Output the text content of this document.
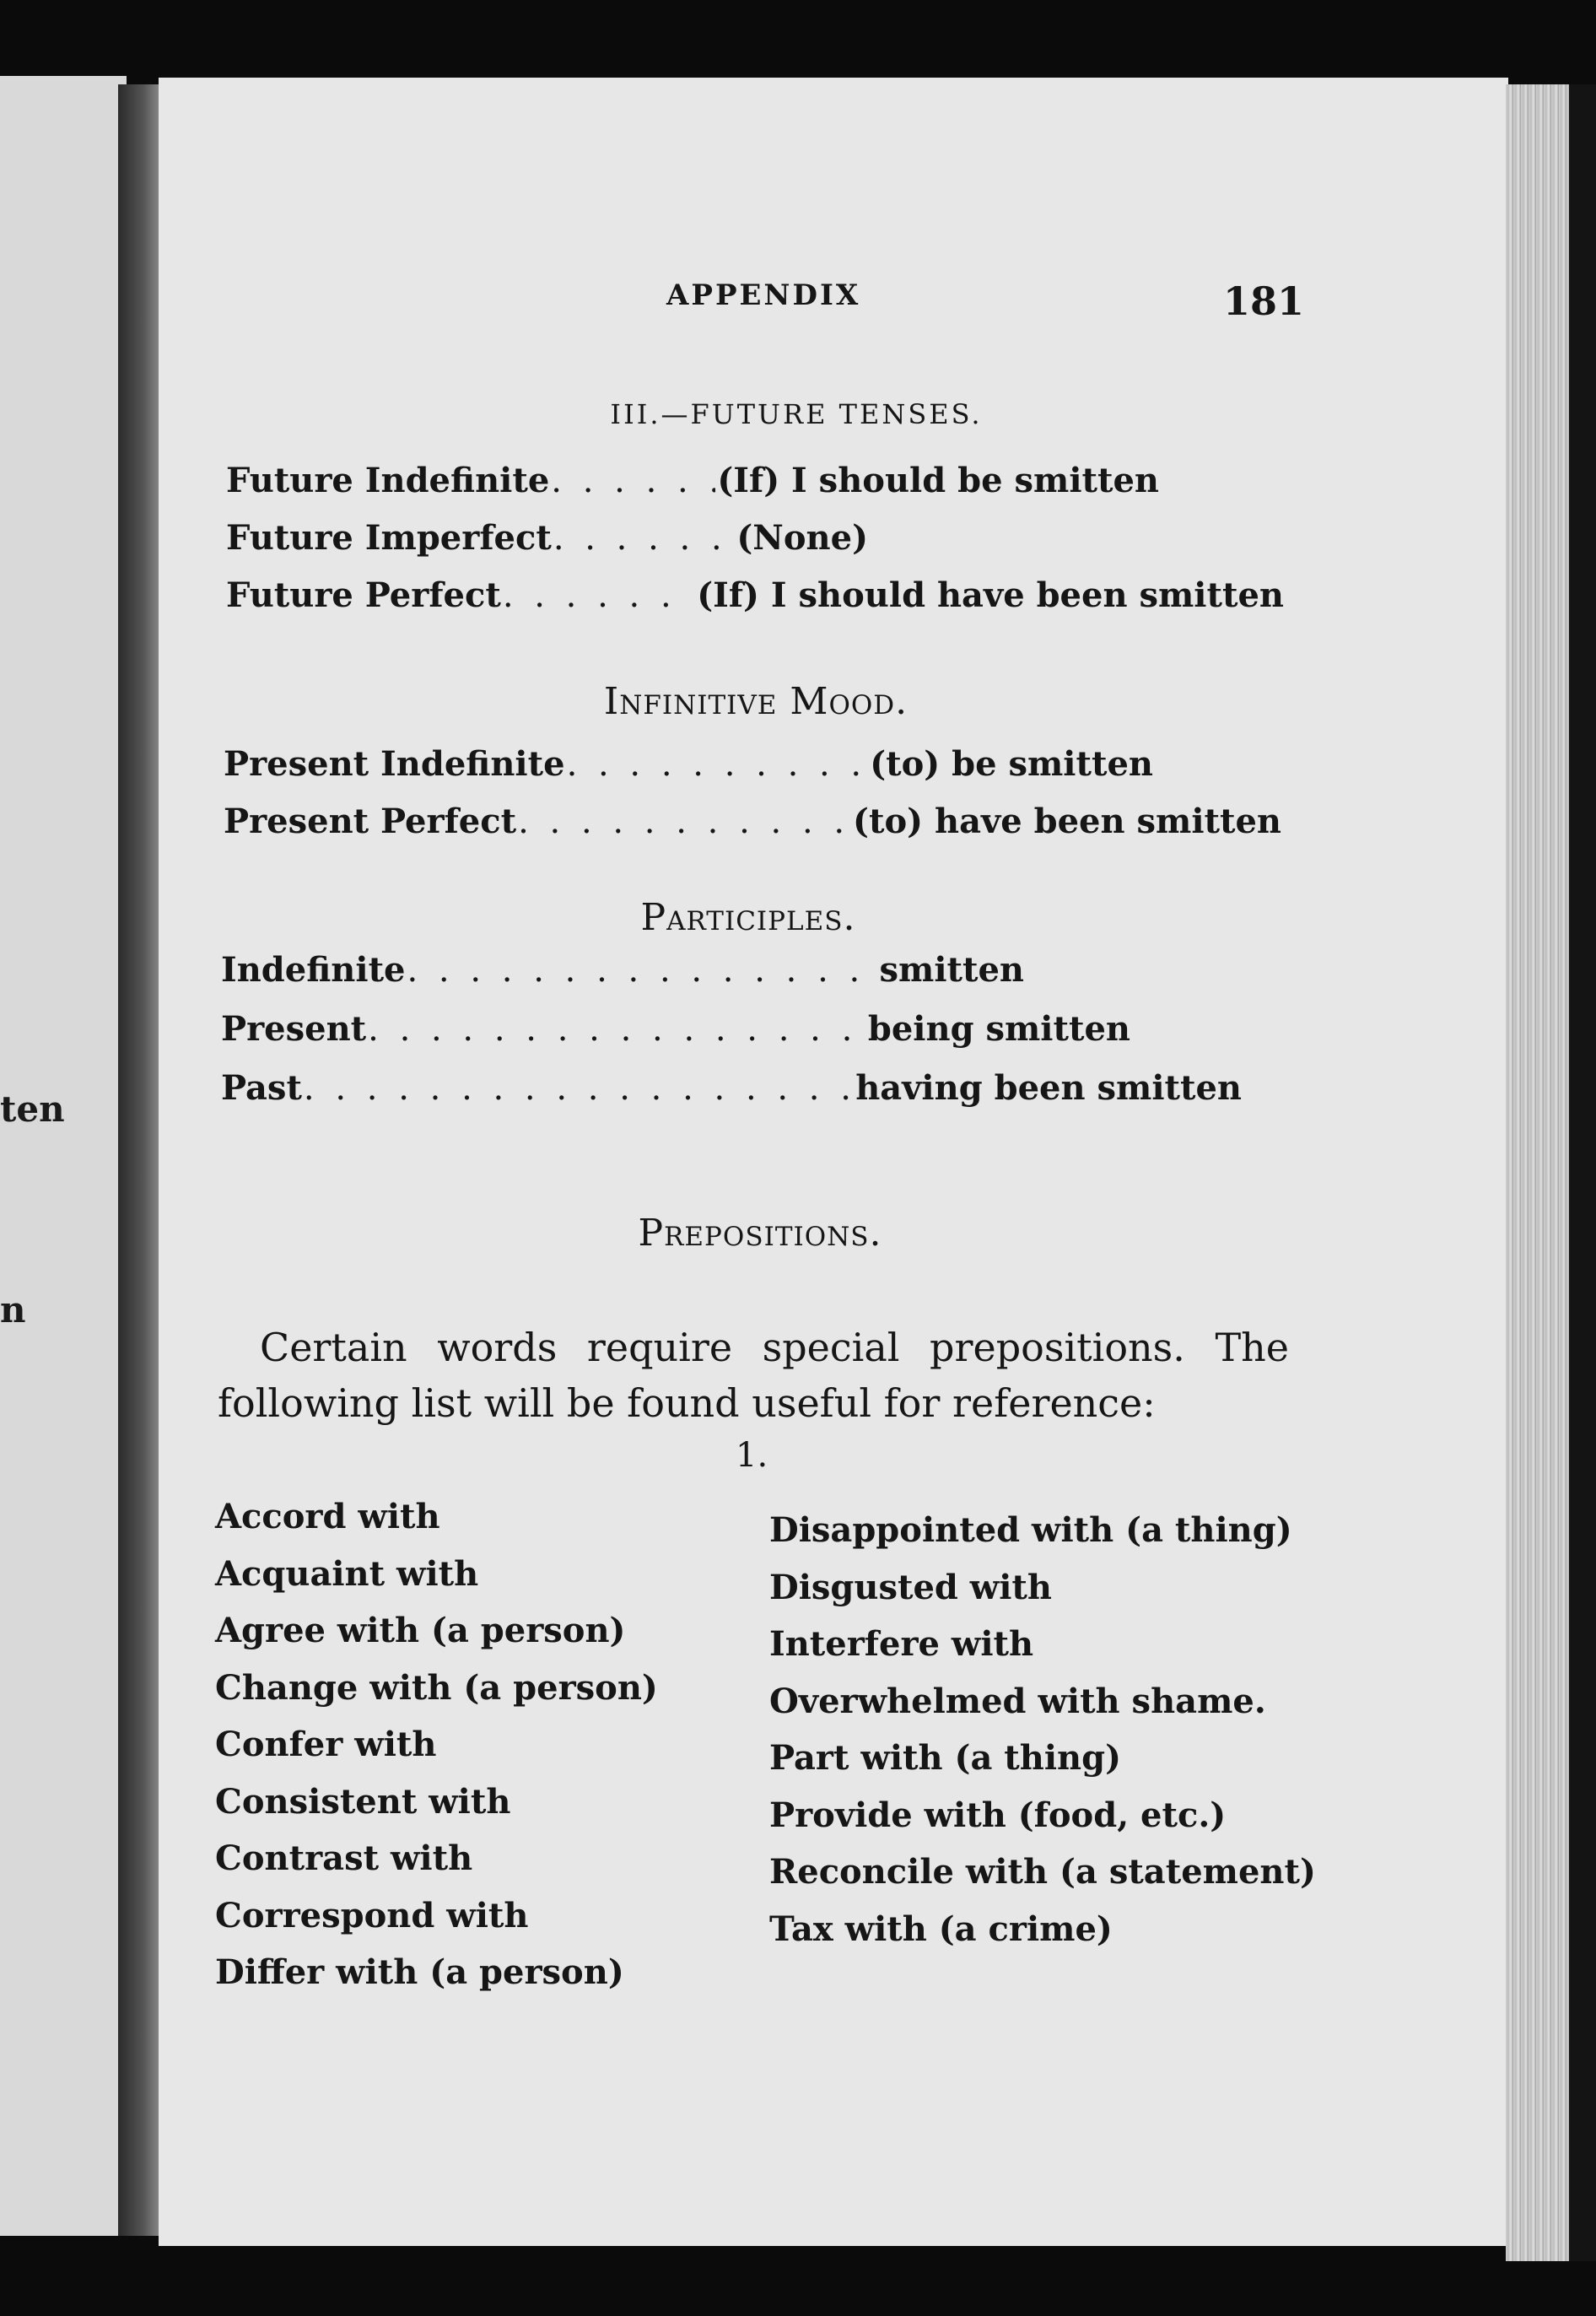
ten
n
APPENDIX	181
III.—FUTURE TENSES.
Future Indefinite . . .	(If) I should be smitten
Future Imperfect . . .	(None)
Future Perfect . . .	(If) I should have been smitten
Infinitive Mood.
Present Indefinite . . .	(to) be smitten
Present Perfect . . .	(to) have been smitten
Participles.
Indefinite . . .	smitten
Present . . .	being smitten
Past . . .	having been smitten
Prepositions.

Certain words require special prepositions. The following list will be found useful for reference:

1.
Accord with
Acquaint with
Agree with (a person)
Change with (a person)
Confer with
Consistent with
Contrast with
Correspond with
Differ with (a person)
Disappointed with (a thing)
Disgusted with
Interfere with
Overwhelmed with shame.
Part with (a thing)
Provide with (food, etc.)
Reconcile with (a statement)
Tax with (a crime)
